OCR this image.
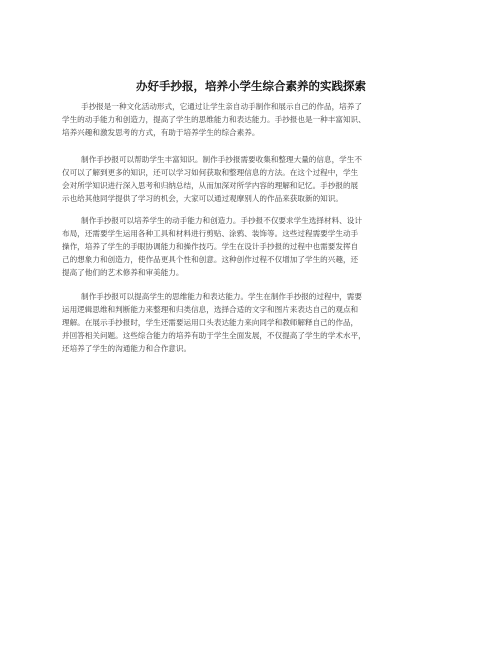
办好手抄报，培养小学生综合素养的实践探索
手抄报是一种文化活动形式，它通过让学生亲自动手制作和展示自己的作品，培养了
学生的动手能力和创造力，提高了学生的思维能力和表达能力。手抄报也是一种丰富知识、
培养兴趣和激发思考的方式，有助于培养学生的综合素养。
制作手抄报可以帮助学生丰富知识。制作手抄报需要收集和整理大量的信息，学生不
仅可以了解到更多的知识，还可以学习如何获取和整理信息的方法。在这个过程中，学生
会对所学知识进行深入思考和归纳总结，从而加深对所学内容的理解和记忆。手抄报的展
示也给其他同学提供了学习的机会，大家可以通过观摩别人的作品来获取新的知识。
制作手抄报可以培养学生的动手能力和创造力。手抄报不仅要求学生选择材料、设计
布局，还需要学生运用各种工具和材料进行剪贴、涂鸦、装饰等。这些过程需要学生动手
操作，培养了学生的手眼协调能力和操作技巧。学生在设计手抄报的过程中也需要发挥自
己的想象力和创造力，使作品更具个性和创意。这种创作过程不仅增加了学生的兴趣，还
提高了他们的艺术修养和审美能力。
制作手抄报可以提高学生的思维能力和表达能力。学生在制作手抄报的过程中，需要
运用逻辑思维和判断能力来整理和归类信息，选择合适的文字和图片来表达自己的观点和
理解。在展示手抄报时，学生还需要运用口头表达能力来向同学和教师解释自己的作品，
并回答相关问题。这些综合能力的培养有助于学生全面发展，不仅提高了学生的学术水平，
还培养了学生的沟通能力和合作意识。
